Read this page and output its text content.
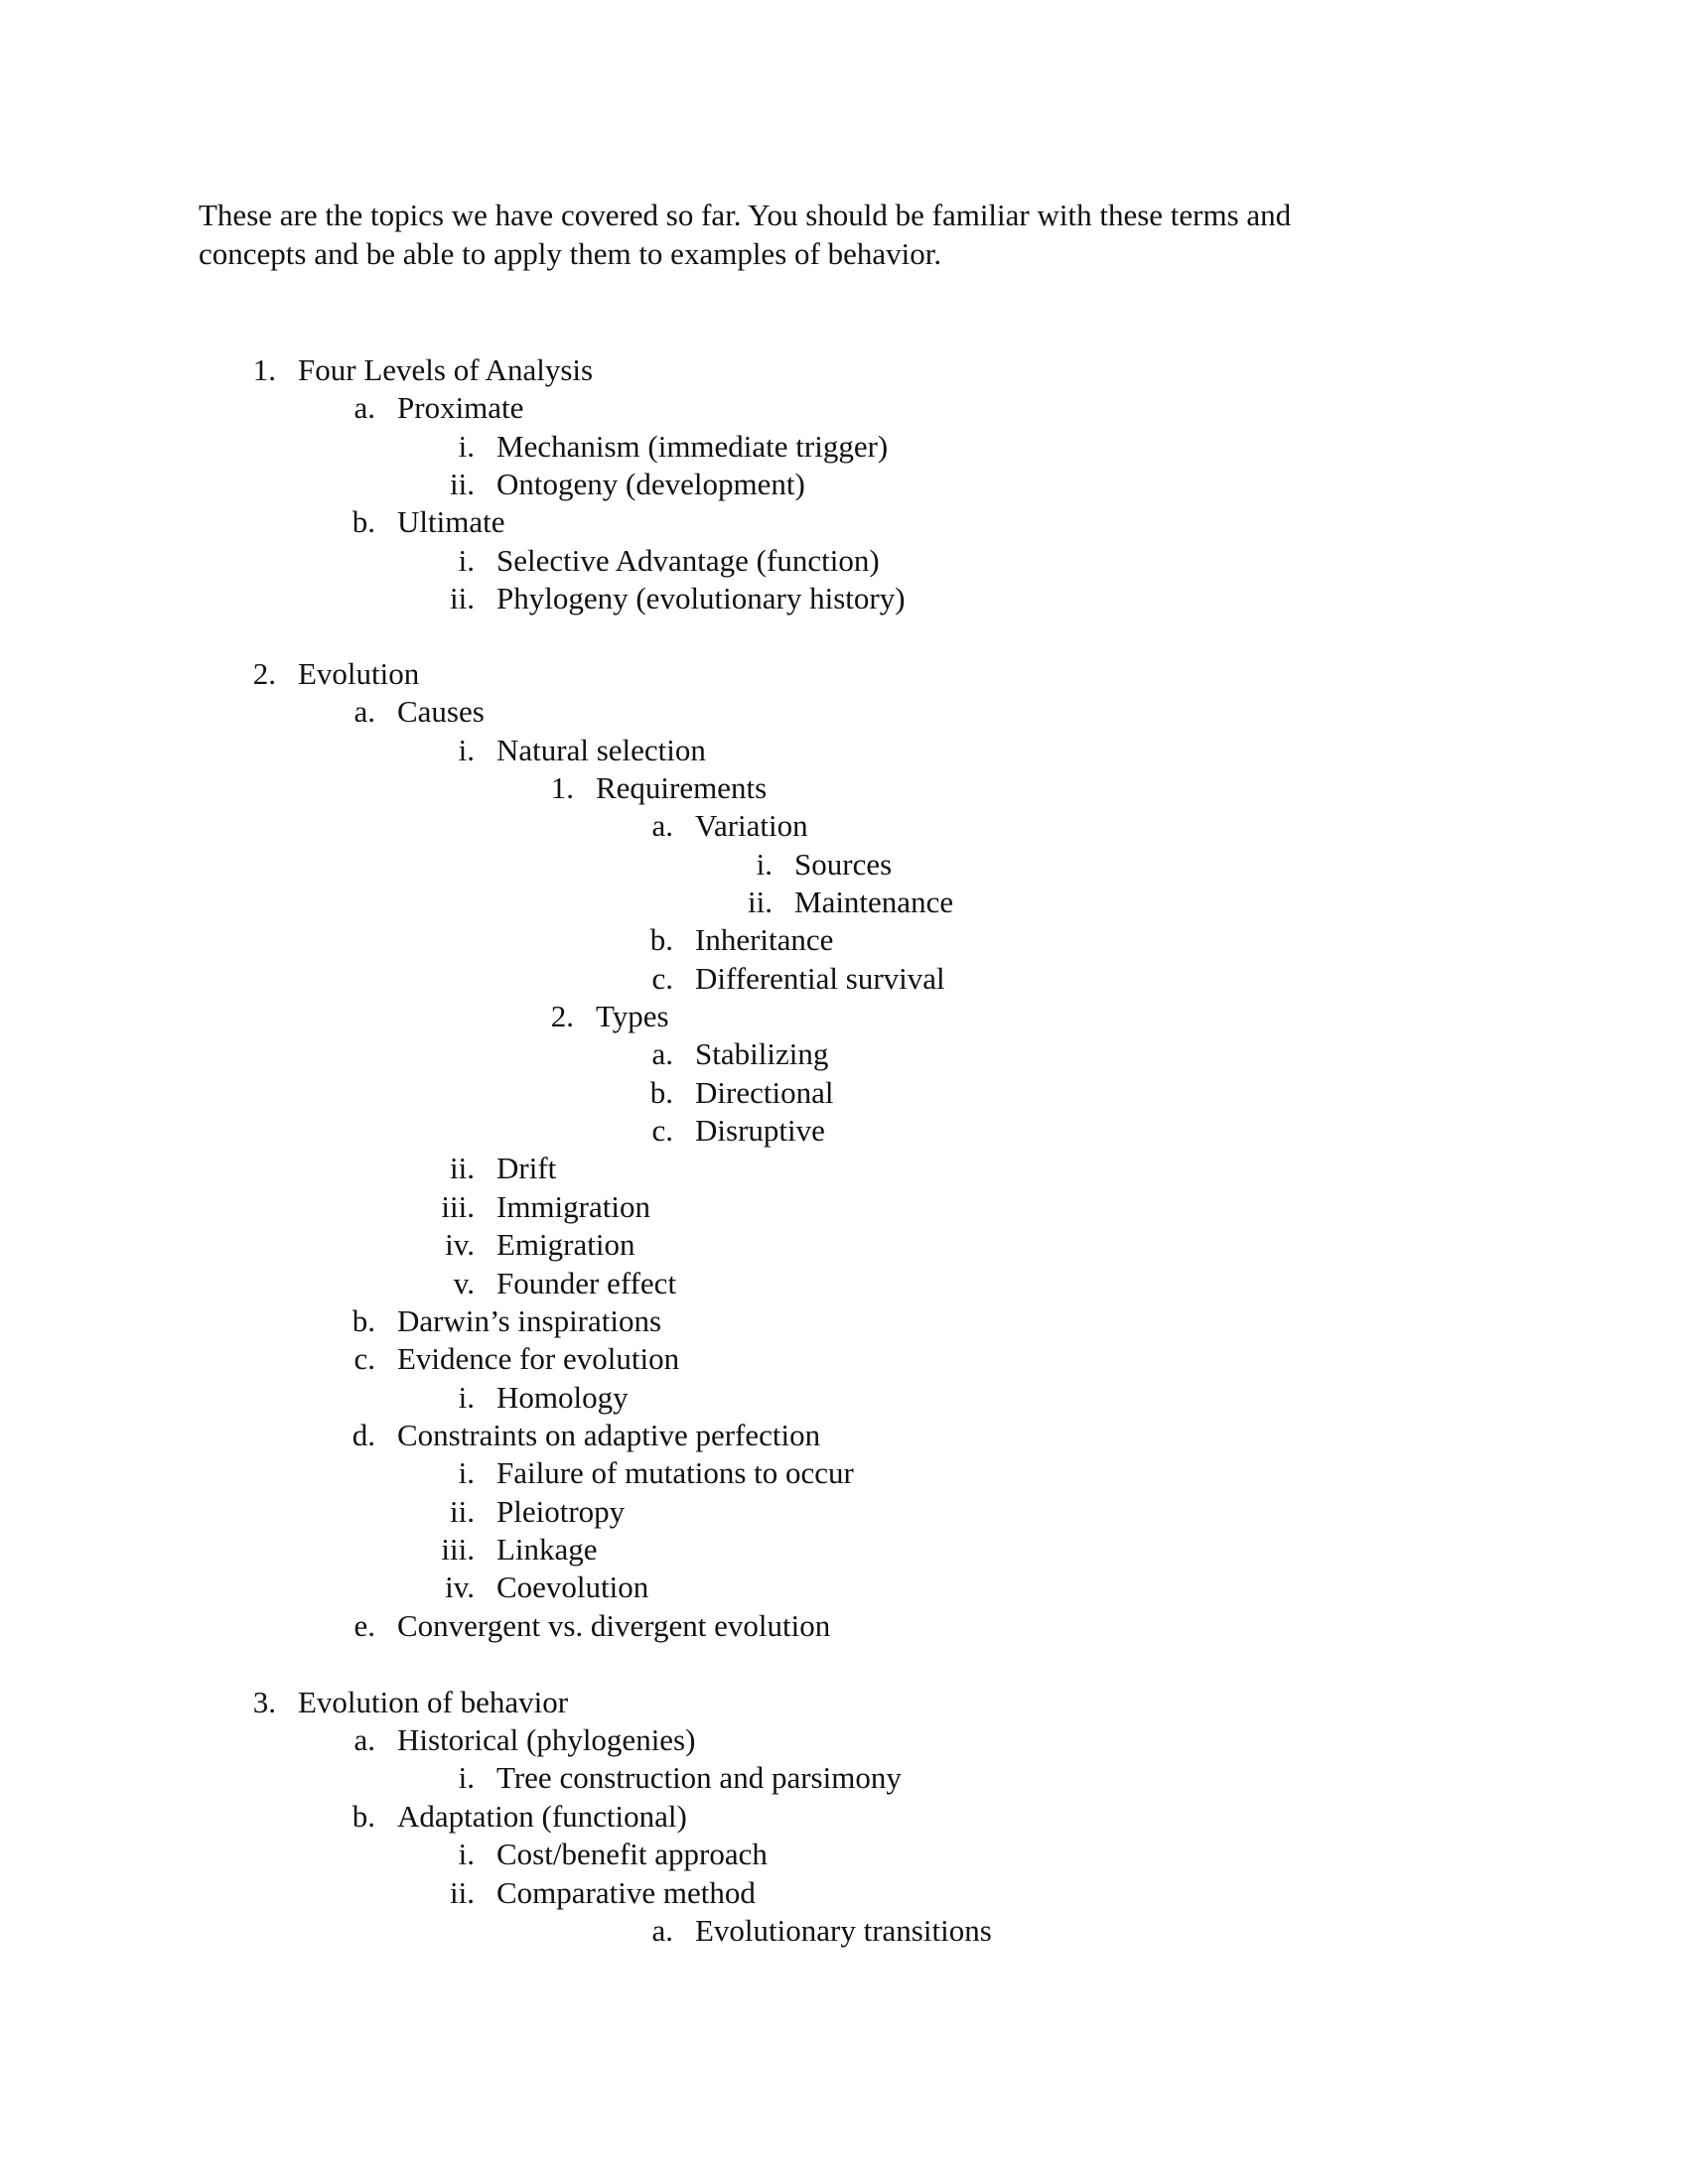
These are the topics we have covered so far. You should be familiar with these terms and
concepts and be able to apply them to examples of behavior.
1. Four Levels of Analysis
a. Proximate
i. Mechanism (immediate trigger)
ii. Ontogeny (development)
b. Ultimate
i. Selective Advantage (function)
ii. Phylogeny (evolutionary history)
2. Evolution
a. Causes
i. Natural selection
1. Requirements
a. Variation
i. Sources
ii. Maintenance
b. Inheritance
c. Differential survival
2. Types
a. Stabilizing
b. Directional
c. Disruptive
ii. Drift
iii. Immigration
iv. Emigration
v. Founder effect
b. Darwin’s inspirations
c. Evidence for evolution
i. Homology
d. Constraints on adaptive perfection
i. Failure of mutations to occur
ii. Pleiotropy
iii. Linkage
iv. Coevolution
e. Convergent vs. divergent evolution
3. Evolution of behavior
a. Historical (phylogenies)
i. Tree construction and parsimony
b. Adaptation (functional)
i. Cost/benefit approach
ii. Comparative method
a. Evolutionary transitions
